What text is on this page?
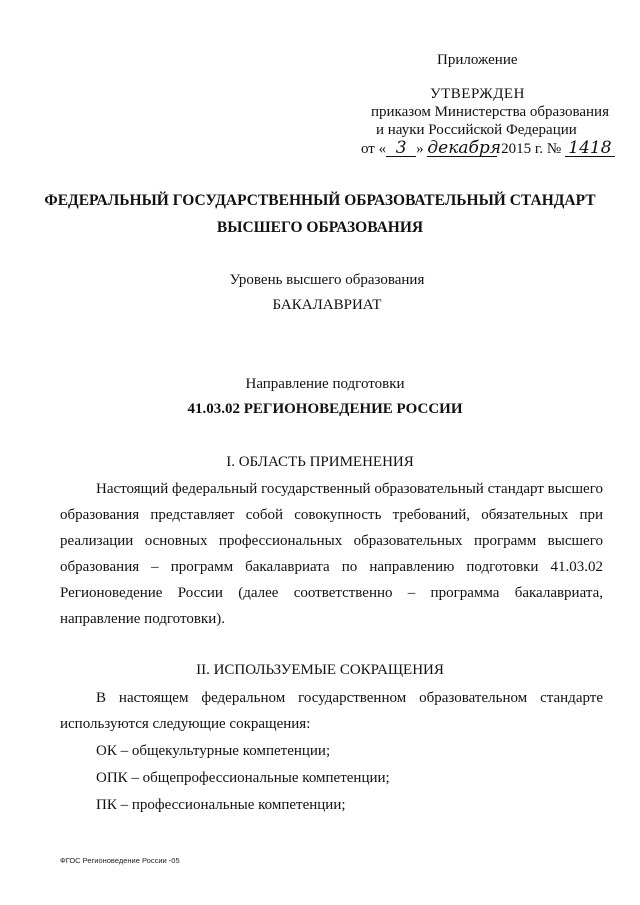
Приложение
УТВЕРЖДЕН
приказом Министерства образования
и науки Российской Федерации
от « 3 » декабря 2015 г. № 1418
ФЕДЕРАЛЬНЫЙ ГОСУДАРСТВЕННЫЙ ОБРАЗОВАТЕЛЬНЫЙ СТАНДАРТ
ВЫСШЕГО ОБРАЗОВАНИЯ
Уровень высшего образования
БАКАЛАВРИАТ
Направление подготовки
41.03.02 РЕГИОНОВЕДЕНИЕ РОССИИ
I. ОБЛАСТЬ ПРИМЕНЕНИЯ
Настоящий федеральный государственный образовательный стандарт высшего образования представляет собой совокупность требований, обязательных при реализации основных профессиональных образовательных программ высшего образования – программ бакалавриата по направлению подготовки 41.03.02 Регионоведение России (далее соответственно – программа бакалавриата, направление подготовки).
II. ИСПОЛЬЗУЕМЫЕ СОКРАЩЕНИЯ
В настоящем федеральном государственном образовательном стандарте используются следующие сокращения:
ОК – общекультурные компетенции;
ОПК – общепрофессиональные компетенции;
ПК – профессиональные компетенции;
ФГОС Регионоведение России -05
